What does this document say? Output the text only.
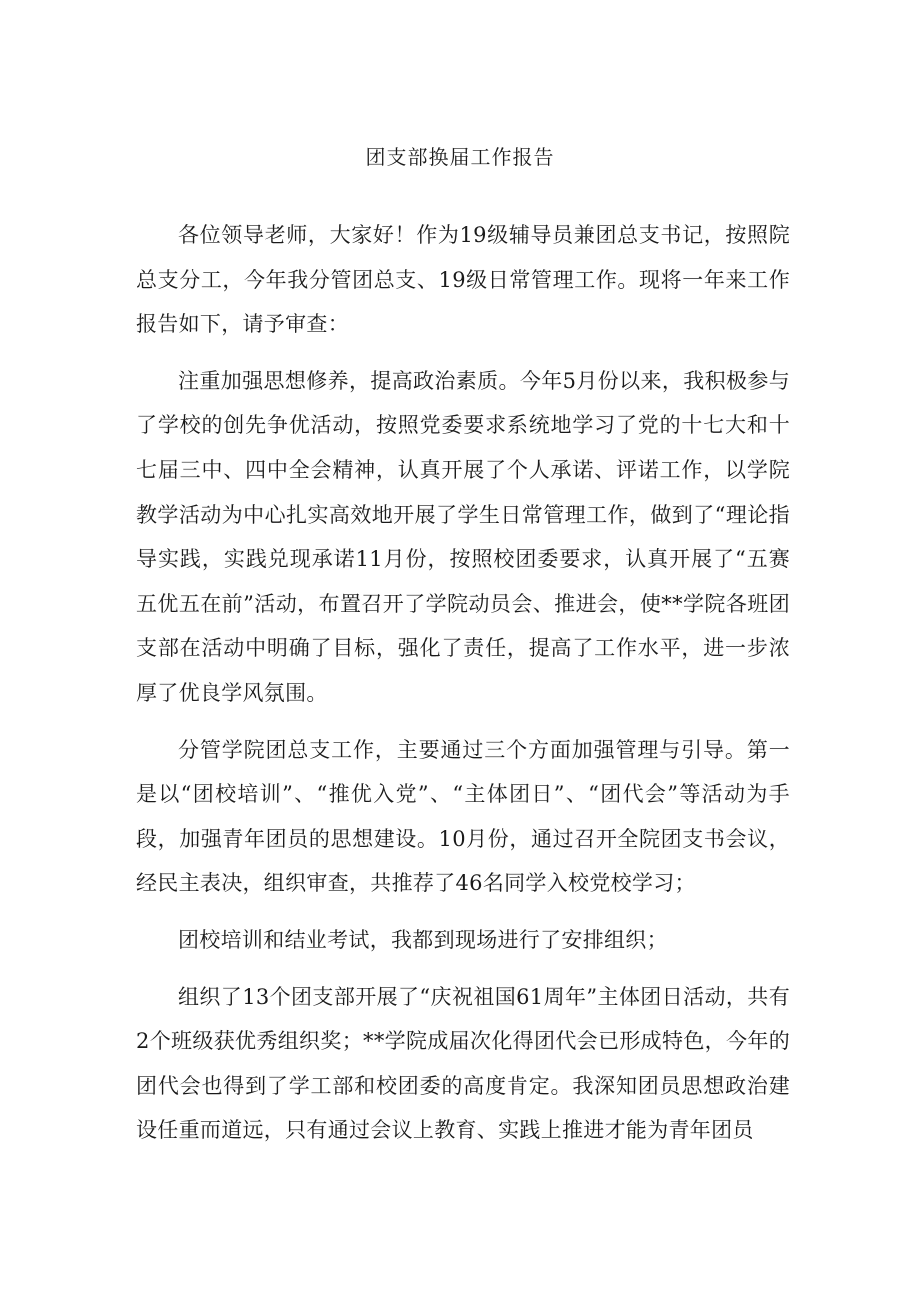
团支部换届工作报告

各位领导老师，大家好！作为19级辅导员兼团总支书记，按照院总支分工，今年我分管团总支、19级日常管理工作。现将一年来工作报告如下，请予审查：

注重加强思想修养，提高政治素质。今年5月份以来，我积极参与了学校的创先争优活动，按照党委要求系统地学习了党的十七大和十七届三中、四中全会精神，认真开展了个人承诺、评诺工作，以学院教学活动为中心扎实高效地开展了学生日常管理工作，做到了“理论指导实践，实践兑现承诺11月份，按照校团委要求，认真开展了“五赛五优五在前”活动，布置召开了学院动员会、推进会，使**学院各班团支部在活动中明确了目标，强化了责任，提高了工作水平，进一步浓厚了优良学风氛围。

分管学院团总支工作，主要通过三个方面加强管理与引导。第一是以“团校培训”、“推优入党”、“主体团日”、“团代会”等活动为手段，加强青年团员的思想建设。10月份，通过召开全院团支书会议，经民主表决，组织审查，共推荐了46名同学入校党校学习；

团校培训和结业考试，我都到现场进行了安排组织；

组织了13个团支部开展了“庆祝祖国61周年”主体团日活动，共有2个班级获优秀组织奖；**学院成届次化得团代会已形成特色，今年的团代会也得到了学工部和校团委的高度肯定。我深知团员思想政治建设任重而道远，只有通过会议上教育、实践上推进才能为青年团员
